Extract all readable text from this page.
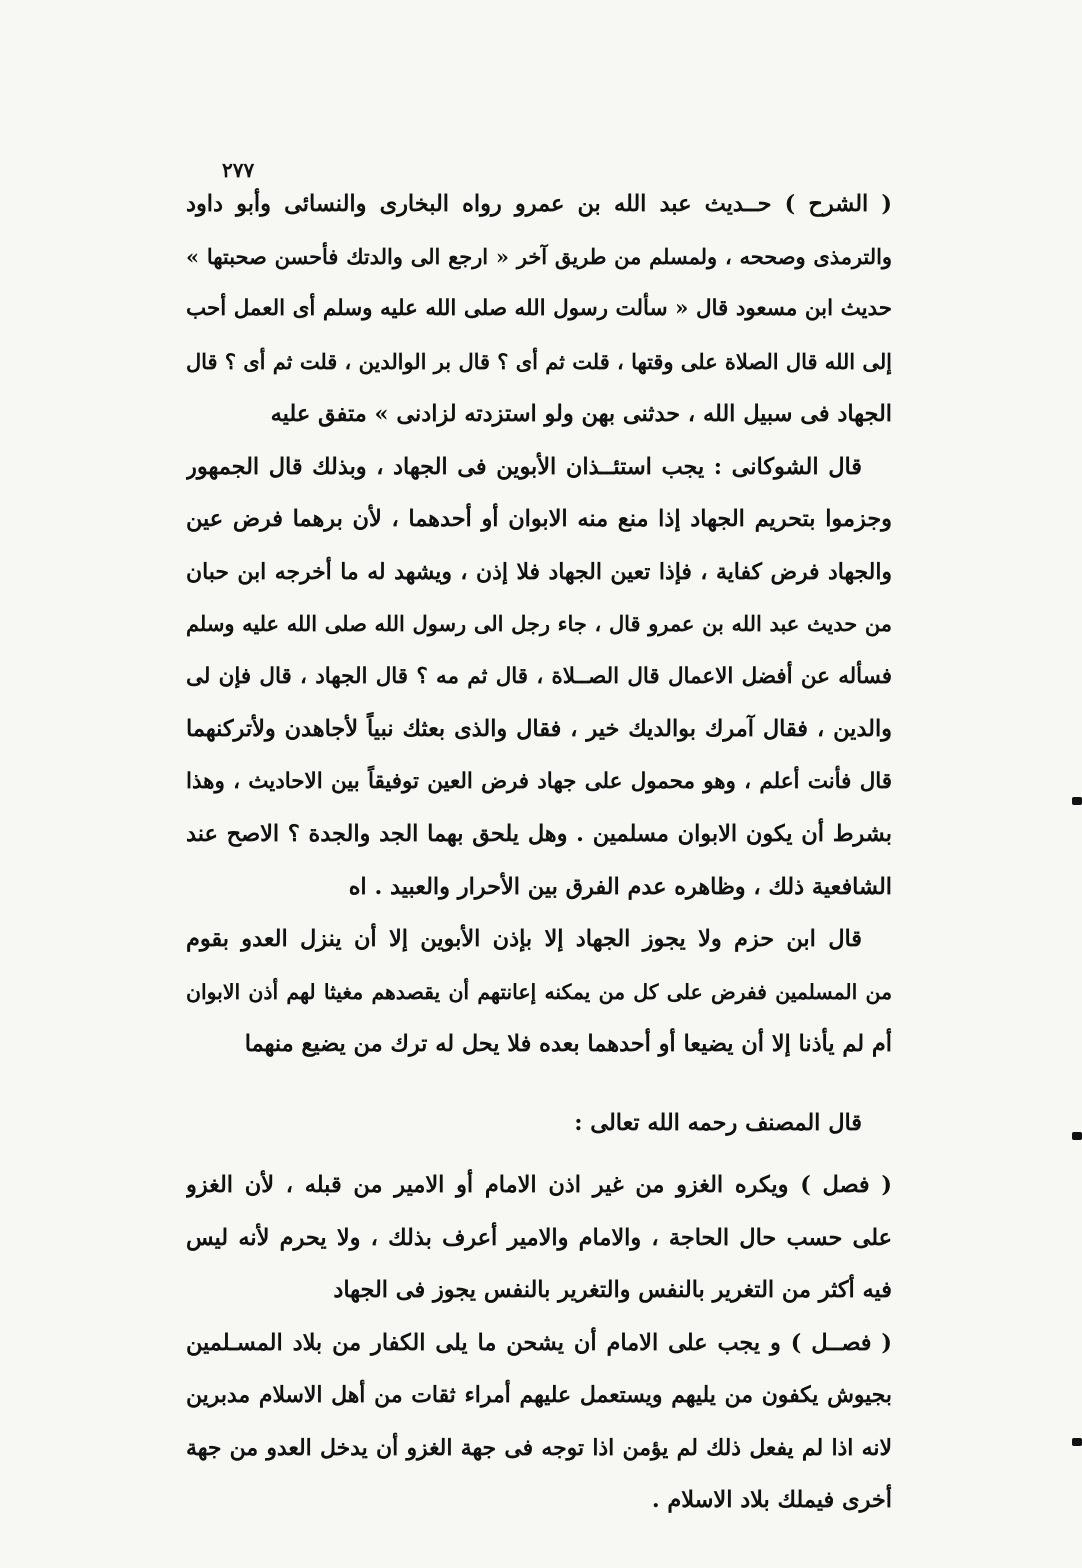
٢٧٧
( الشرح ) حــديث عبد الله بن عمرو رواه البخارى والنسائى وأبو داود
والترمذى وصححه ، ولمسلم من طريق آخر « ارجع الى والدتك فأحسن صحبتها »
حديث ابن مسعود قال « سألت رسول الله صلى الله عليه وسلم أى العمل أحب
إلى الله قال الصلاة على وقتها ، قلت ثم أى ؟ قال بر الوالدين ، قلت ثم أى ؟ قال
الجهاد فى سبيل الله ، حدثنى بهن ولو استزدته لزادنى » متفق عليه
قال الشوكانى : يجب استئــذان الأبوين فى الجهاد ، وبذلك قال الجمهور
وجزموا بتحريم الجهاد إذا منع منه الابوان أو أحدهما ، لأن برهما فرض عين
والجهاد فرض كفاية ، فإذا تعين الجهاد فلا إذن ، ويشهد له ما أخرجه ابن حبان
من حديث عبد الله بن عمرو قال ، جاء رجل الى رسول الله صلى الله عليه وسلم
فسأله عن أفضل الاعمال قال الصــلاة ، قال ثم مه ؟ قال الجهاد ، قال فإن لى
والدين ، فقال آمرك بوالديك خير ، فقال والذى بعثك نبياً لأجاهدن ولأتركنهما
قال فأنت أعلم ، وهو محمول على جهاد فرض العين توفيقاً بين الاحاديث ، وهذا
بشرط أن يكون الابوان مسلمين . وهل يلحق بهما الجد والجدة ؟ الاصح عند
الشافعية ذلك ، وظاهره عدم الفرق بين الأحرار والعبيد . اه
قال ابن حزم ولا يجوز الجهاد إلا بإذن الأبوين إلا أن ينزل العدو بقوم
من المسلمين ففرض على كل من يمكنه إعانتهم أن يقصدهم مغيثا لهم أذن الابوان
أم لم يأذنا إلا أن يضيعا أو أحدهما بعده فلا يحل له ترك من يضيع منهما
قال المصنف رحمه الله تعالى :
( فصل ) ويكره الغزو من غير اذن الامام أو الامير من قبله ، لأن الغزو
على حسب حال الحاجة ، والامام والامير أعرف بذلك ، ولا يحرم لأنه ليس
فيه أكثر من التغرير بالنفس والتغرير بالنفس يجوز فى الجهاد
( فصــل ) و يجب على الامام أن يشحن ما يلى الكفار من بلاد المسـلمين
بجيوش يكفون من يليهم ويستعمل عليهم أمراء ثقات من أهل الاسلام مدبرين
لانه اذا لم يفعل ذلك لم يؤمن اذا توجه فى جهة الغزو أن يدخل العدو من جهة
أخرى فيملك بلاد الاسلام .
